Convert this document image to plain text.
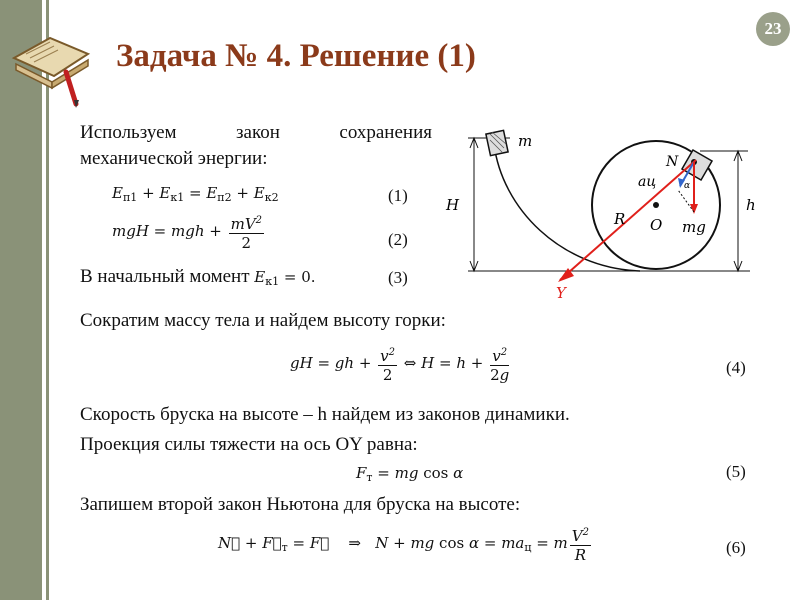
23
Задача № 4. Решение (1)
Используем закон сохранения
механической энергии:
$E_{п1} + E_{к1} = E_{п2} + E_{к2}$	(1)
mgH = mgh + $\frac{mV^2}{2}$	(2)
В начальный момент $E_{к1} = 0$.	(3)
m
H	h
R O
Y
N
aц
mg
α
Сократим массу тела и найдем высоту горки:
gH = gh + $\frac{v^2}{2}$ ⇔ $H = h + \frac{v^2}{2g}$	(4)
Скорость бруска на высоте – h найдем из законов динамики.
Проекция силы тяжести на ось OY равна:
$F_т$ = mg cos α	(5)
Запишем второй закон Ньютона для бруска на высоте:
N⃗ + $F⃗_т$ = F⃗    ⇒   N + mg $\cos \alpha = ma_ц = m \frac{V^2}{R}$	(6)
